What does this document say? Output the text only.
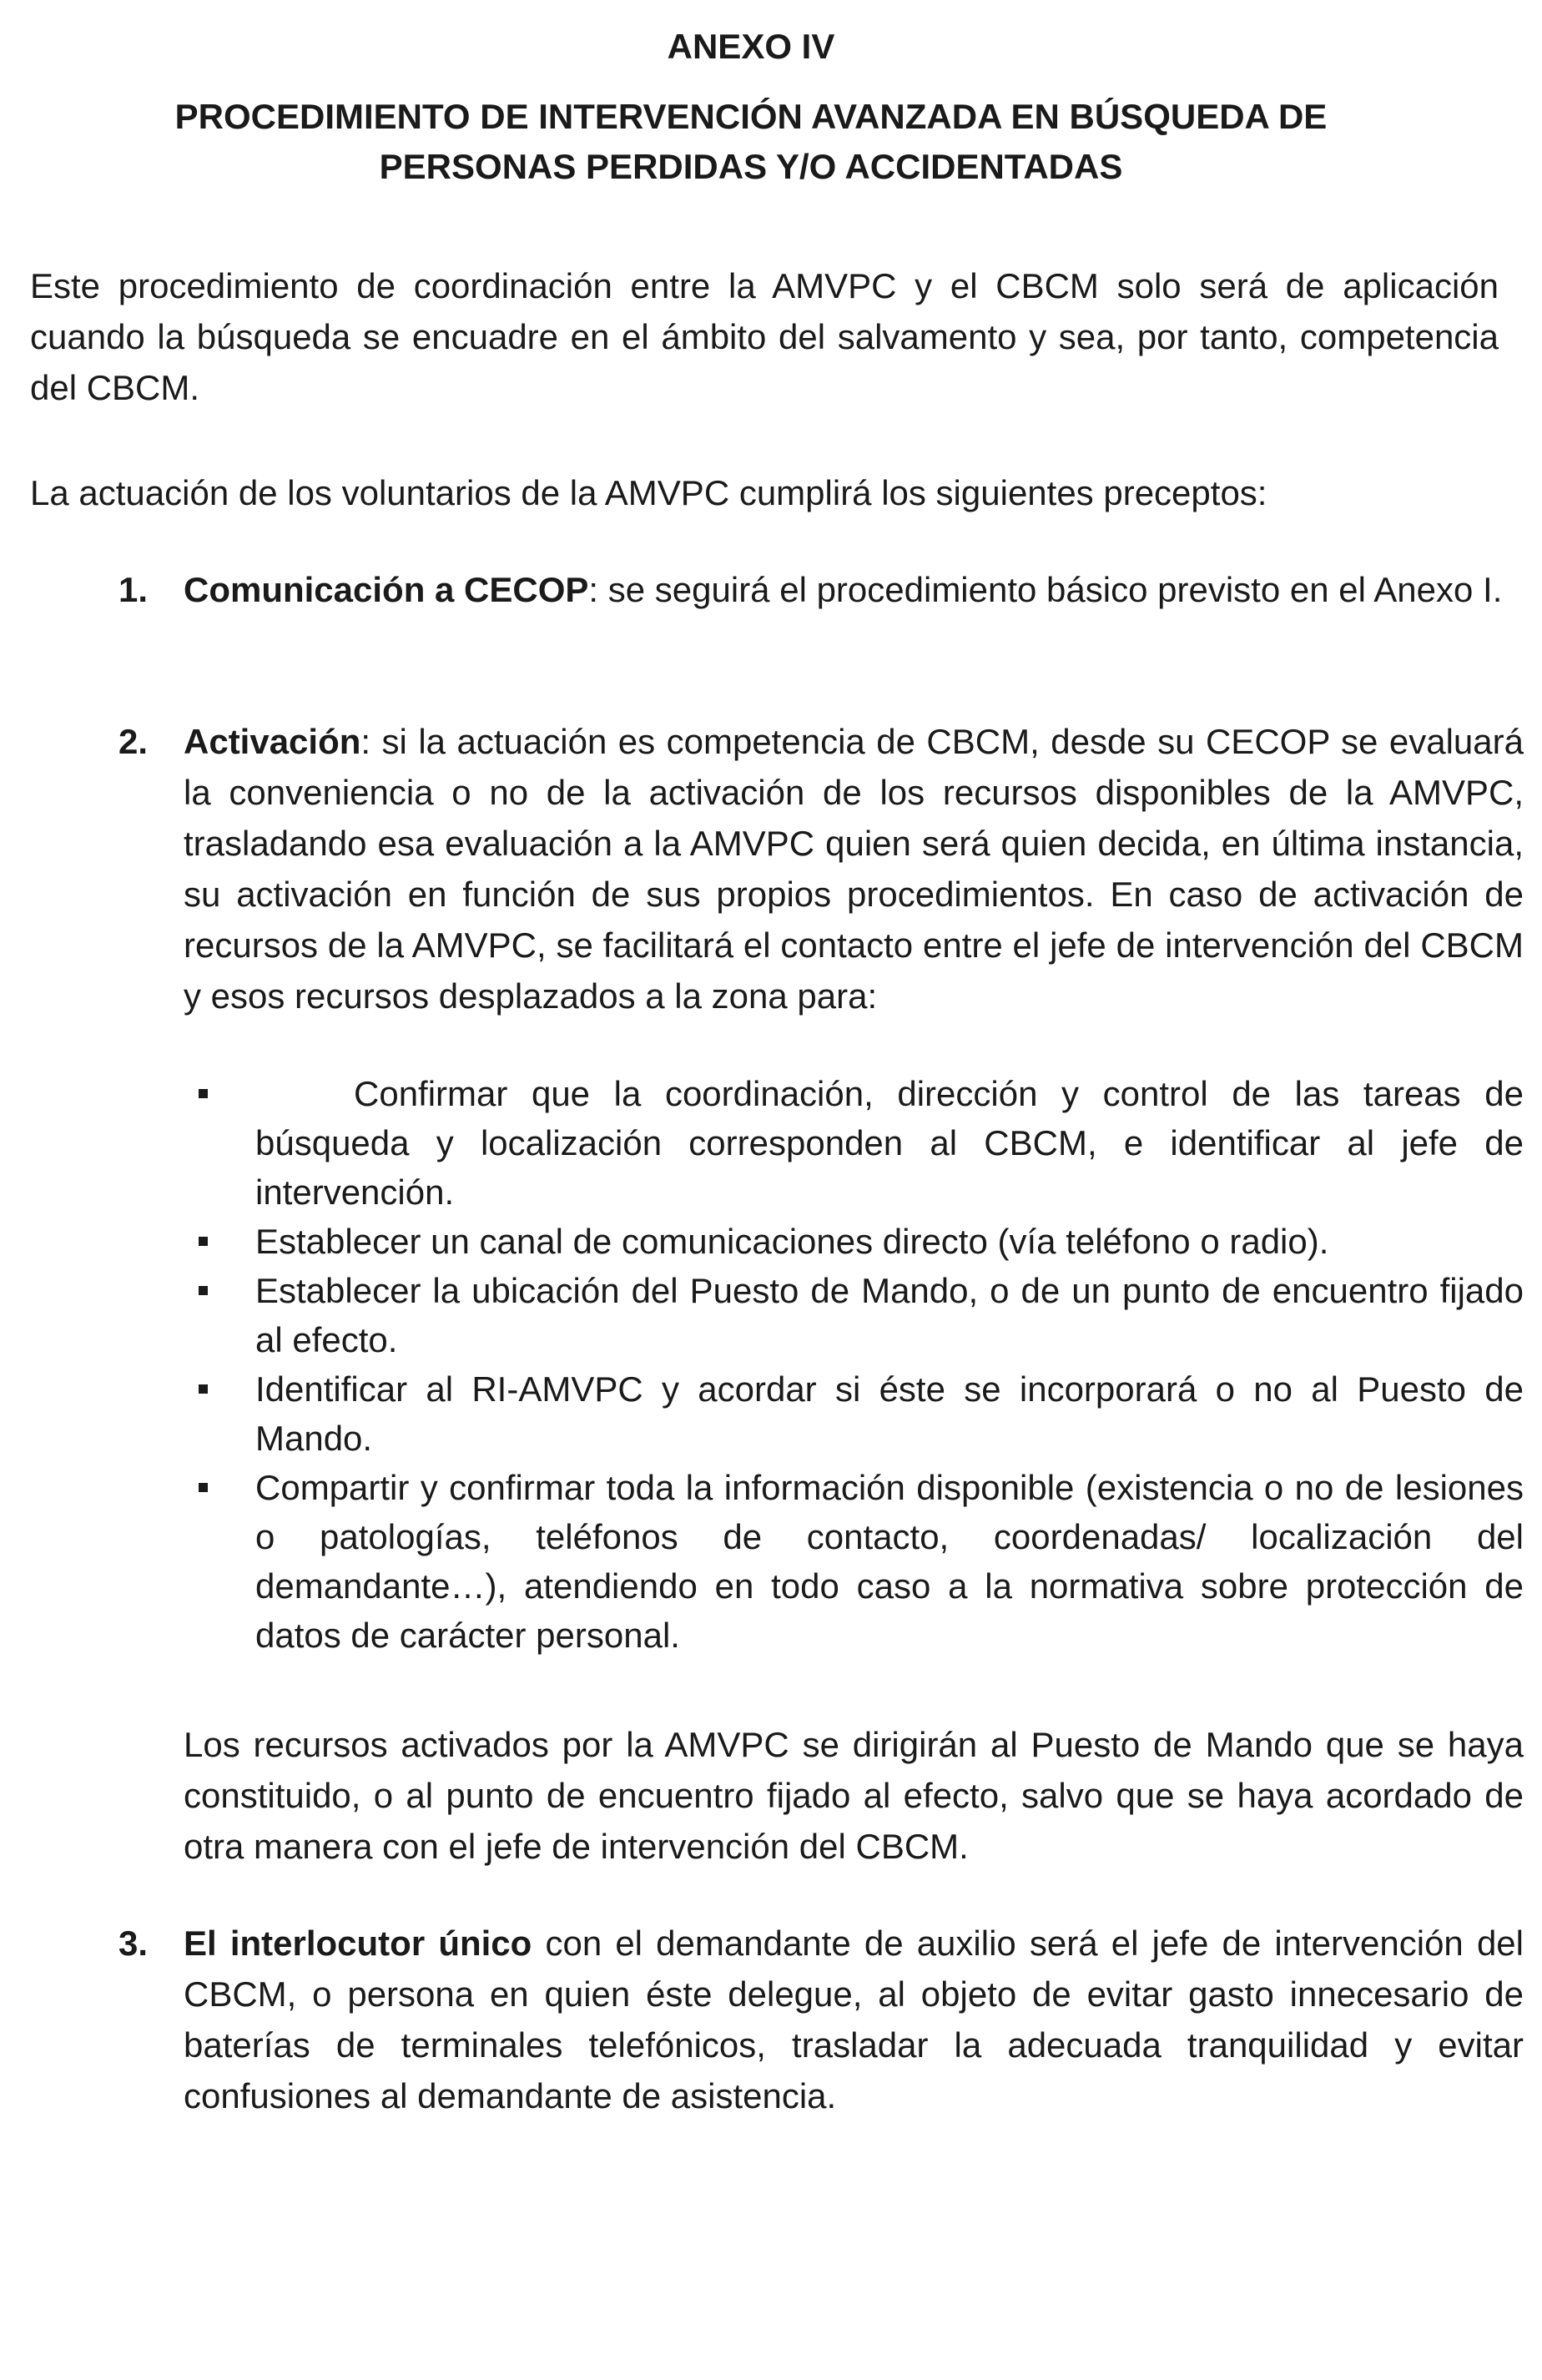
ANEXO IV
PROCEDIMIENTO DE INTERVENCIÓN AVANZADA EN BÚSQUEDA DE
PERSONAS PERDIDAS Y/O ACCIDENTADAS

Este procedimiento de coordinación entre la AMVPC y el CBCM solo será de aplicación cuando la búsqueda se encuadre en el ámbito del salvamento y sea, por tanto, competencia del CBCM.

La actuación de los voluntarios de la AMVPC cumplirá los siguientes preceptos:

1. Comunicación a CECOP: se seguirá el procedimiento básico previsto en el Anexo I.
2. Activación: si la actuación es competencia de CBCM, desde su CECOP se evaluará la conveniencia o no de la activación de los recursos disponibles de la AMVPC, trasladando esa evaluación a la AMVPC quien será quien decida, en última instancia, su activación en función de sus propios procedimientos. En caso de activación de recursos de la AMVPC, se facilitará el contacto entre el jefe de intervención del CBCM y esos recursos desplazados a la zona para:
Confirmar que la coordinación, dirección y control de las tareas de búsqueda y localización corresponden al CBCM, e identificar al jefe de intervención.
Establecer un canal de comunicaciones directo (vía teléfono o radio).
Establecer la ubicación del Puesto de Mando, o de un punto de encuentro fijado al efecto.
Identificar al RI-AMVPC y acordar si éste se incorporará o no al Puesto de Mando.
Compartir y confirmar toda la información disponible (existencia o no de lesiones o patologías, teléfonos de contacto, coordenadas/ localización del demandante…), atendiendo en todo caso a la normativa sobre protección de datos de carácter personal.

Los recursos activados por la AMVPC se dirigirán al Puesto de Mando que se haya constituido, o al punto de encuentro fijado al efecto, salvo que se haya acordado de otra manera con el jefe de intervención del CBCM.

3. El interlocutor único con el demandante de auxilio será el jefe de intervención del CBCM, o persona en quien éste delegue, al objeto de evitar gasto innecesario de baterías de terminales telefónicos, trasladar la adecuada tranquilidad y evitar confusiones al demandante de asistencia.
